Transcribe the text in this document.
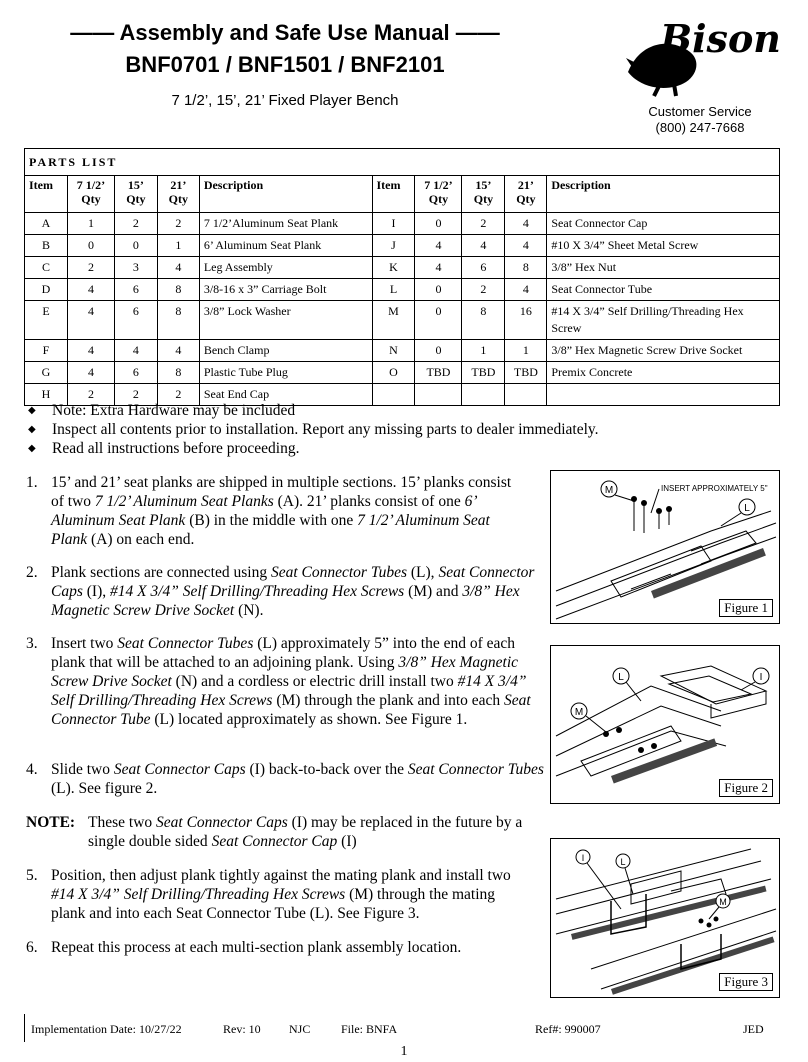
—— Assembly and Safe Use Manual ——
BNF0701 / BNF1501 / BNF2101
7 1/2’, 15’, 21’ Fixed Player Bench
Bison
Customer Service
(800) 247-7668
PARTS LIST									
Item	7 1/2’ Qty	15’ Qty	21’ Qty	Description	Item	7 1/2’ Qty	15’ Qty	21’ Qty	Description
A	1	2	2	7 1/2’Aluminum Seat Plank	I	0	2	4	Seat Connector Cap
B	0	0	1	6’ Aluminum Seat Plank	J	4	4	4	#10 X 3/4” Sheet Metal Screw
C	2	3	4	Leg Assembly	K	4	6	8	3/8” Hex Nut
D	4	6	8	3/8-16 x 3” Carriage Bolt	L	0	2	4	Seat Connector Tube
E	4	6	8	3/8” Lock Washer	M	0	8	16	#14 X 3/4” Self Drilling/Threading Hex Screw
F	4	4	4	Bench Clamp	N	0	1	1	3/8” Hex Magnetic Screw Drive Socket
G	4	6	8	Plastic Tube Plug	O	TBD	TBD	TBD	Premix Concrete
H	2	2	2	Seat End Cap					
◆ Note: Extra Hardware may be included
◆ Inspect all contents prior to installation. Report any missing parts to dealer immediately.
◆ Read all instructions before proceeding.
1. 15’ and 21’ seat planks are shipped in multiple sections. 15’ planks consist of two 7 1/2’ Aluminum Seat Planks (A). 21’ planks consist of one 6’ Aluminum Seat Plank (B) in the middle with one 7 1/2’ Aluminum Seat Plank (A) on each end.
2. Plank sections are connected using Seat Connector Tubes (L), Seat Connector Caps (I), #14 X 3/4” Self Drilling/Threading Hex Screws (M) and 3/8” Hex Magnetic Screw Drive Socket (N).
3. Insert two Seat Connector Tubes (L) approximately 5” into the end of each plank that will be attached to an adjoining plank. Using 3/8” Hex Magnetic Screw Drive Socket (N) and a cordless or electric drill install two #14 X 3/4” Self Drilling/Threading Hex Screws (M) through the plank and into each Seat Connector Tube (L) located approximately as shown. See Figure 1.
4. Slide two Seat Connector Caps (I) back-to-back over the Seat Connector Tubes (L). See figure 2.
NOTE: These two Seat Connector Caps (I) may be replaced in the future by a single double sided Seat Connector Cap (I)
5. Position, then adjust plank tightly against the mating plank and install two #14 X 3/4” Self Drilling/Threading Hex Screws (M) through the mating plank and into each Seat Connector Tube (L). See Figure 3.
6. Repeat this process at each multi-section plank assembly location.
M
L
INSERT APPROXIMATELY 5"
Figure 1
L	I
M
Figure 2
I	L
M
Figure 3
Implementation Date: 10/27/22	Rev: 10 NJC	File: BNFA	Ref#: 990007	JED
1
